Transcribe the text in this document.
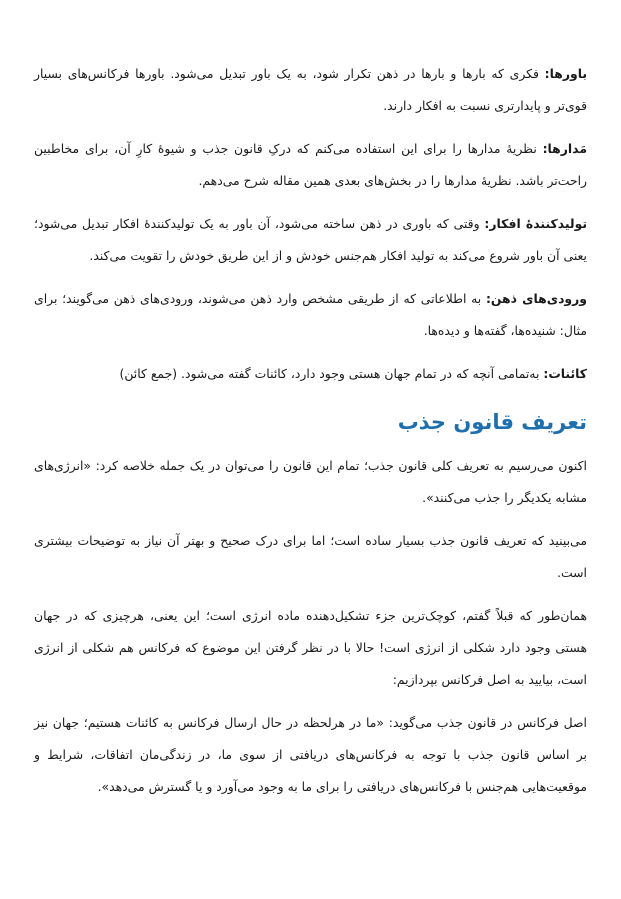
باورها: فکری که بارها و بارها در ذهن تکرار شود، به یک باور تبدیل می‌شود. باورها فرکانس‌های بسیار قوی‌تر و پایدارتری نسبت به افکار دارند.

مَدارها: نظریهٔ مدارها را برای این استفاده می‌کنم که درکِ قانون جذب و شیوهٔ کارِ آن، برای مخاطبین راحت‌تر باشد. نظریهٔ مدارها را در بخش‌های بعدی همین مقاله شرح می‌دهم.

تولیدکنندهٔ افکار: وقتی که باوری در ذهن ساخته می‌شود، آن باور به یک تولیدکنندهٔ افکار تبدیل می‌شود؛ یعنی آن باور شروع می‌کند به تولید افکار هم‌جنس خودش و از این طریق خودش را تقویت می‌کند.

ورودی‌های ذهن: به اطلاعاتی که از طریقی مشخص وارد ذهن می‌شوند، ورودی‌های ذهن می‌گویند؛ برای مثال: شنیده‌ها، گفته‌ها و دیده‌ها.

کائنات: به‌تمامی آنچه که در تمام جهان هستی وجود دارد، کائنات گفته می‌شود. (جمع کائن)

تعریف قانون جذب

اکنون می‌رسیم به تعریف کلی قانون جذب؛ تمام این قانون را می‌توان در یک جمله خلاصه کرد: «انرژی‌های مشابه یکدیگر را جذب می‌کنند».

می‌بینید که تعریف قانون جذب بسیار ساده است؛ اما برای درک صحیح و بهتر آن نیاز به توضیحات بیشتری است.

همان‌طور که قبلاً گفتم، کوچک‌ترین جزء تشکیل‌دهنده ماده انرژی است؛ این یعنی، هرچیزی که در جهان هستی وجود دارد شکلی از انرژی است! حالا با در نظر گرفتن این موضوع که فرکانس هم شکلی از انرژی است، بیایید به اصل فرکانس بپردازیم:

اصل فرکانس در قانون جذب می‌گوید: «ما در هرلحظه در حال ارسال فرکانس به کائنات هستیم؛ جهان نیز بر اساس قانون جذب با توجه به فرکانس‌های دریافتی از سوی ما، در زندگی‌مان اتفاقات، شرایط و موقعیت‌هایی هم‌جنس با فرکانس‌های دریافتی را برای ما به وجود می‌آورد و یا گسترش می‌دهد».
